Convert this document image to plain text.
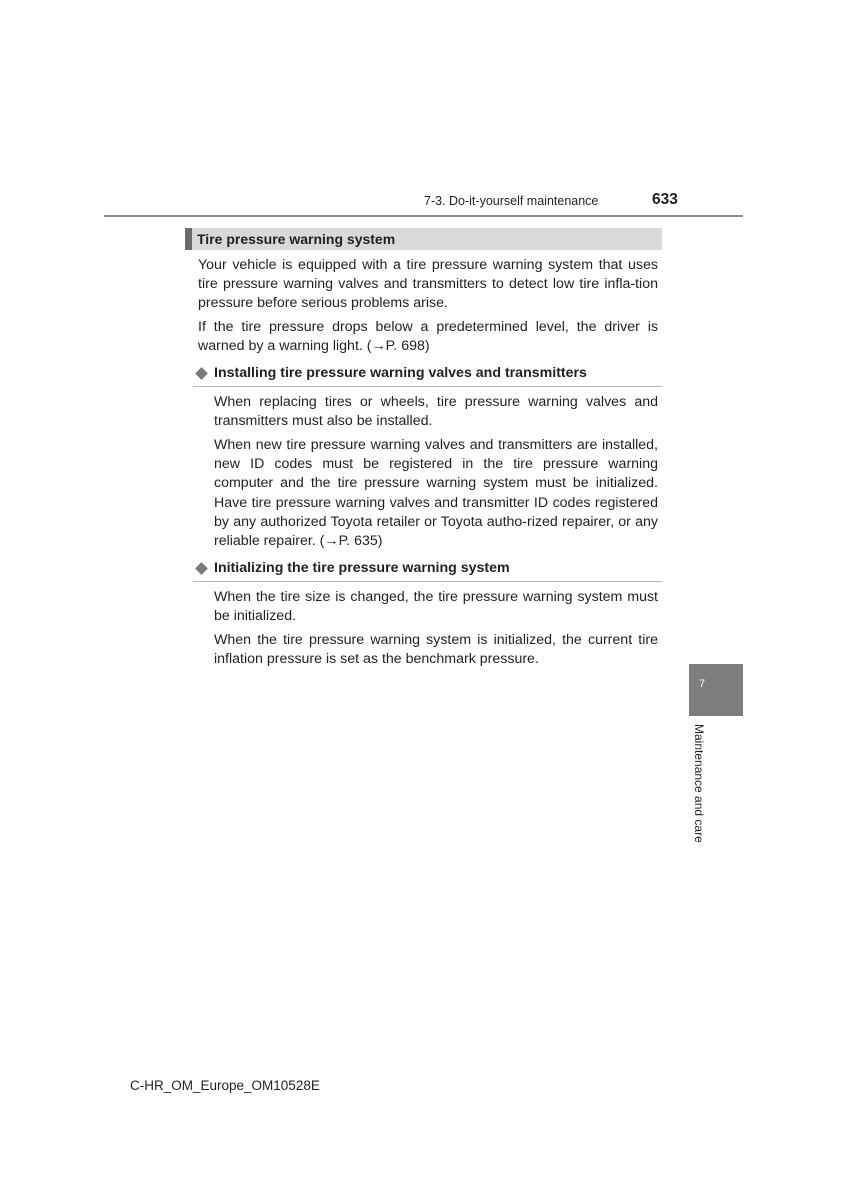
7-3. Do-it-yourself maintenance	633
Tire pressure warning system

Your vehicle is equipped with a tire pressure warning system that uses tire pressure warning valves and transmitters to detect low tire infla-tion pressure before serious problems arise.

If the tire pressure drops below a predetermined level, the driver is warned by a warning light. (→P. 698)

Installing tire pressure warning valves and transmitters

When replacing tires or wheels, tire pressure warning valves and transmitters must also be installed.

When new tire pressure warning valves and transmitters are installed, new ID codes must be registered in the tire pressure warning computer and the tire pressure warning system must be initialized. Have tire pressure warning valves and transmitter ID codes registered by any authorized Toyota retailer or Toyota autho-rized repairer, or any reliable repairer. (→P. 635)

Initializing the tire pressure warning system

When the tire size is changed, the tire pressure warning system must be initialized.

When the tire pressure warning system is initialized, the current tire inflation pressure is set as the benchmark pressure.

7
Maintenance and care
C-HR_OM_Europe_OM10528E
